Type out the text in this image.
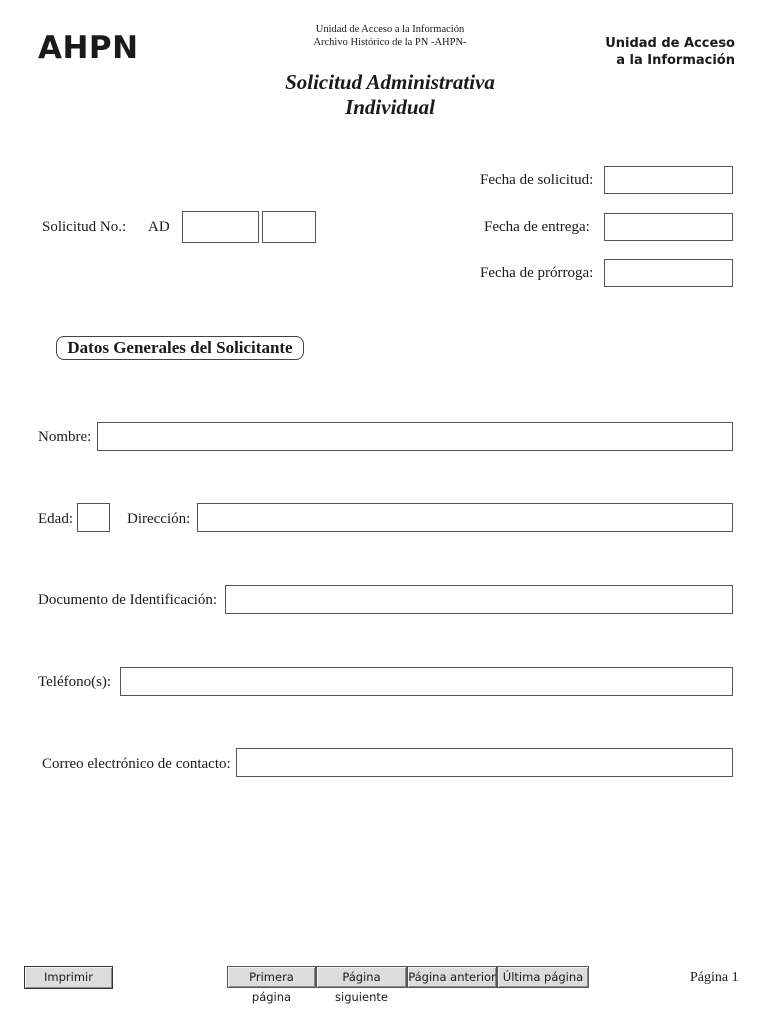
AHPN
Unidad de Acceso a la Información
Archivo Histórico de la PN -AHPN-	Unidad de Acceso
a la Información
Solicitud Administrativa
Individual
Fecha de solicitud:
Fecha de entrega:
Fecha de prórroga:
Solicitud No.: AD
Datos Generales del Solicitante
Nombre:
Edad:	Dirección:
Documento de Identificación:
Teléfono(s):
Correo electrónico de contacto:
Imprimir	Primera página
Página siguiente
Página anterior Última página	Página 1
